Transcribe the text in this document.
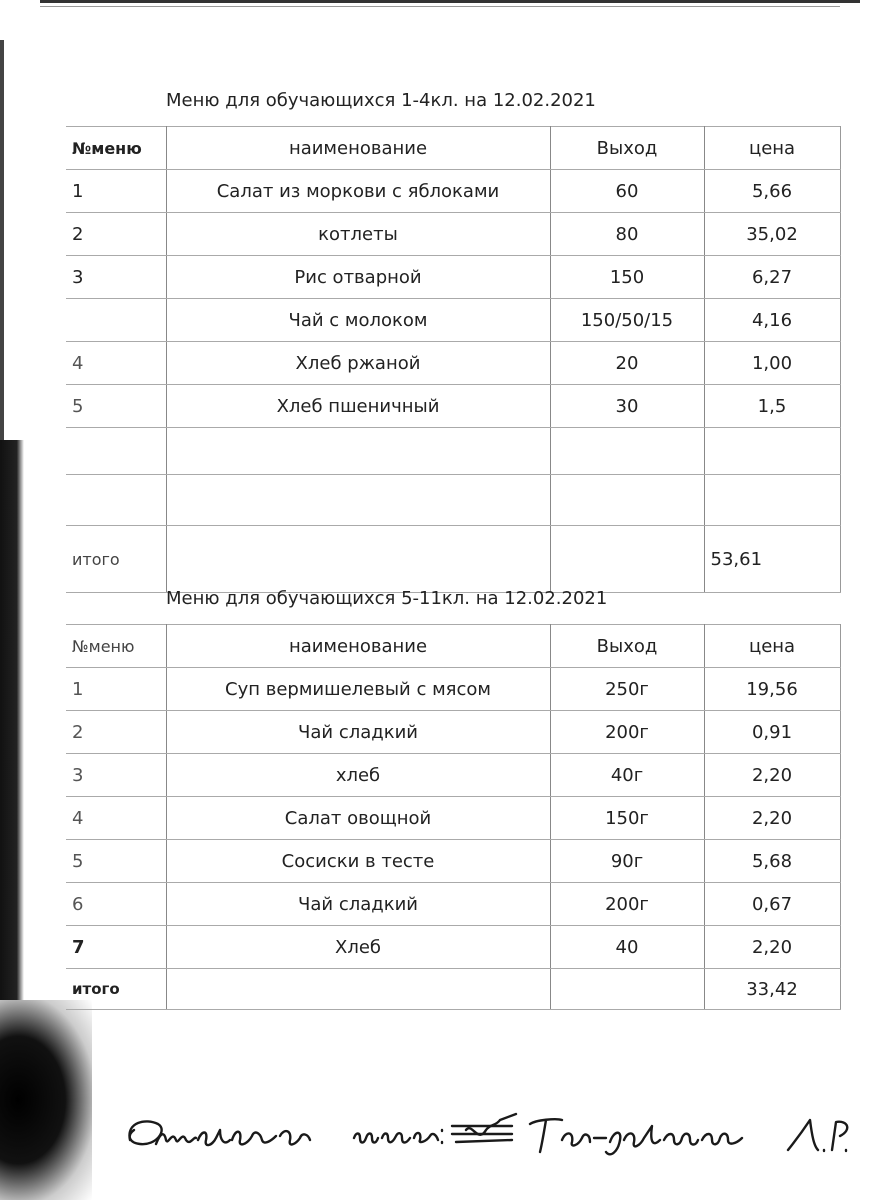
Меню для обучающихся 1-4кл. на 12.02.2021
№меню	наименование	Выход	цена
1	Салат из моркови с яблоками	60	5,66
2	котлеты	80	35,02
3	Рис отварной	150	6,27
	Чай с молоком	150/50/15	4,16
4	Хлеб ржаной	20	1,00
5	Хлеб пшеничный	30	1,5

итого			53,61
Меню для обучающихся 5-11кл. на 12.02.2021
№меню	наименование	Выход	цена
1	Суп вермишелевый с мясом	250г	19,56
2	Чай сладкий	200г	0,91
3	хлеб	40г	2,20
4	Салат овощной	150г	2,20
5	Сосиски в тесте	90г	5,68
6	Чай сладкий	200г	0,67
7	Хлеб	40	2,20
итого			33,42
